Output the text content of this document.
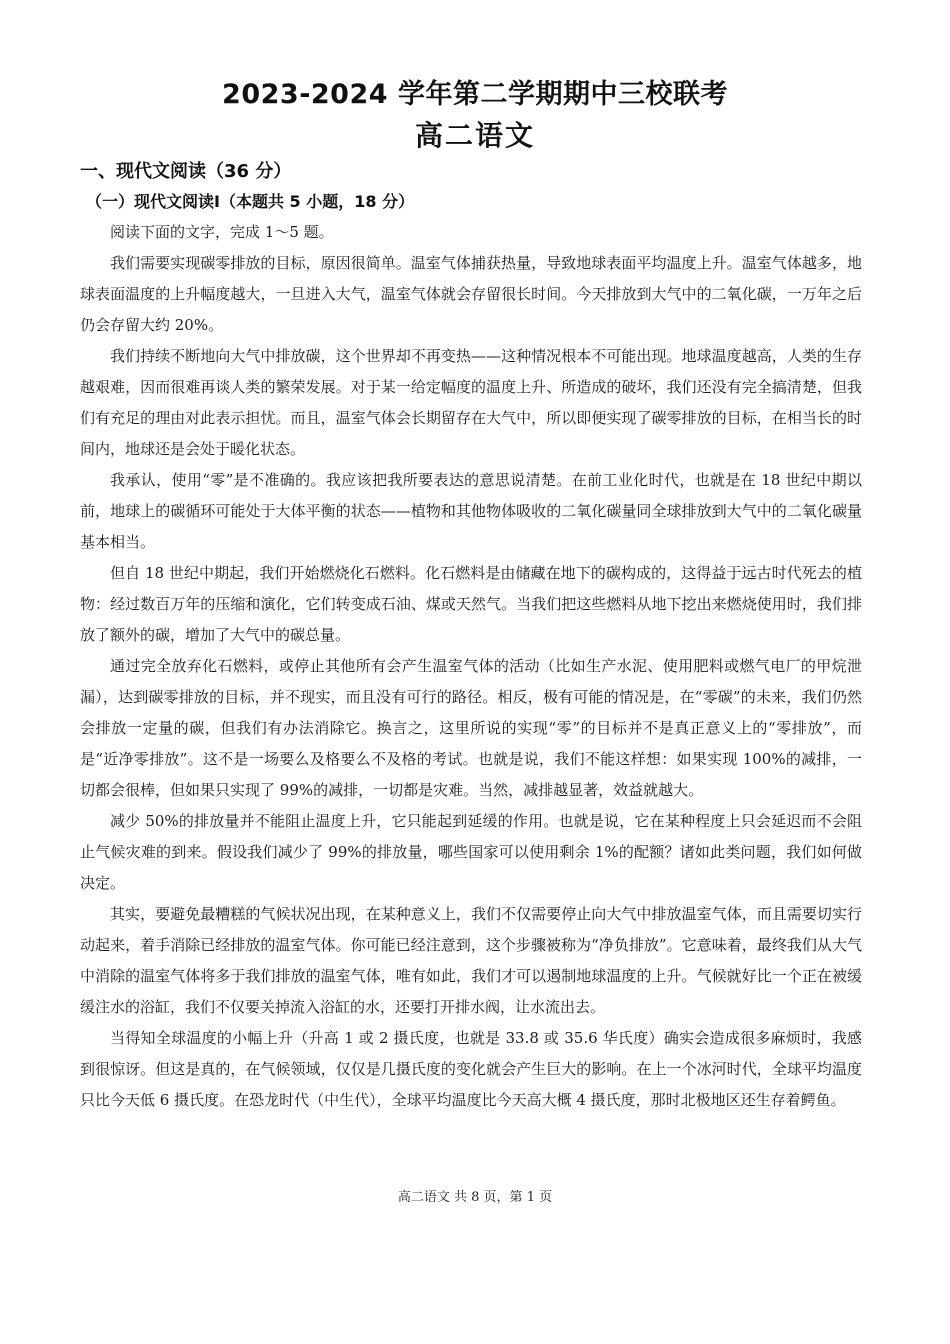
2023-2024 学年第二学期期中三校联考
高二语文
一、现代文阅读（36 分）
（一）现代文阅读Ⅰ（本题共 5 小题，18 分）

阅读下面的文字，完成 1～5 题。

我们需要实现碳零排放的目标，原因很简单。温室气体捕获热量，导致地球表面平均温度上升。温室气体越多，地球表面温度的上升幅度越大，一旦进入大气，温室气体就会存留很长时间。今天排放到大气中的二氧化碳，一万年之后仍会存留大约 20%。

我们持续不断地向大气中排放碳，这个世界却不再变热——这种情况根本不可能出现。地球温度越高，人类的生存越艰难，因而很难再谈人类的繁荣发展。对于某一给定幅度的温度上升、所造成的破坏，我们还没有完全搞清楚，但我们有充足的理由对此表示担忧。而且，温室气体会长期留存在大气中，所以即便实现了碳零排放的目标，在相当长的时间内，地球还是会处于暖化状态。

我承认，使用“零”是不准确的。我应该把我所要表达的意思说清楚。在前工业化时代，也就是在 18 世纪中期以前，地球上的碳循环可能处于大体平衡的状态——植物和其他物体吸收的二氧化碳量同全球排放到大气中的二氧化碳量基本相当。

但自 18 世纪中期起，我们开始燃烧化石燃料。化石燃料是由储藏在地下的碳构成的，这得益于远古时代死去的植物：经过数百万年的压缩和演化，它们转变成石油、煤或天然气。当我们把这些燃料从地下挖出来燃烧使用时，我们排放了额外的碳，增加了大气中的碳总量。

通过完全放弃化石燃料，或停止其他所有会产生温室气体的活动（比如生产水泥、使用肥料或燃气电厂的甲烷泄漏），达到碳零排放的目标，并不现实，而且没有可行的路径。相反，极有可能的情况是，在“零碳”的未来，我们仍然会排放一定量的碳，但我们有办法消除它。换言之，这里所说的实现“零”的目标并不是真正意义上的“零排放”，而是“近净零排放”。这不是一场要么及格要么不及格的考试。也就是说，我们不能这样想：如果实现 100%的减排，一切都会很棒，但如果只实现了 99%的减排，一切都是灾难。当然，减排越显著，效益就越大。

减少 50%的排放量并不能阻止温度上升，它只能起到延缓的作用。也就是说，它在某种程度上只会延迟而不会阻止气候灾难的到来。假设我们减少了 99%的排放量，哪些国家可以使用剩余 1%的配额？诸如此类问题，我们如何做决定。

其实，要避免最糟糕的气候状况出现，在某种意义上，我们不仅需要停止向大气中排放温室气体，而且需要切实行动起来，着手消除已经排放的温室气体。你可能已经注意到，这个步骤被称为“净负排放”。它意味着，最终我们从大气中消除的温室气体将多于我们排放的温室气体，唯有如此，我们才可以遏制地球温度的上升。气候就好比一个正在被缓缓注水的浴缸，我们不仅要关掉流入浴缸的水，还要打开排水阀，让水流出去。

当得知全球温度的小幅上升（升高 1 或 2 摄氏度，也就是 33.8 或 35.6 华氏度）确实会造成很多麻烦时，我感到很惊讶。但这是真的，在气候领域，仅仅是几摄氏度的变化就会产生巨大的影响。在上一个冰河时代，全球平均温度只比今天低 6 摄氏度。在恐龙时代（中生代），全球平均温度比今天高大概 4 摄氏度，那时北极地区还生存着鳄鱼。

高二语文 共 8 页，第 1 页
